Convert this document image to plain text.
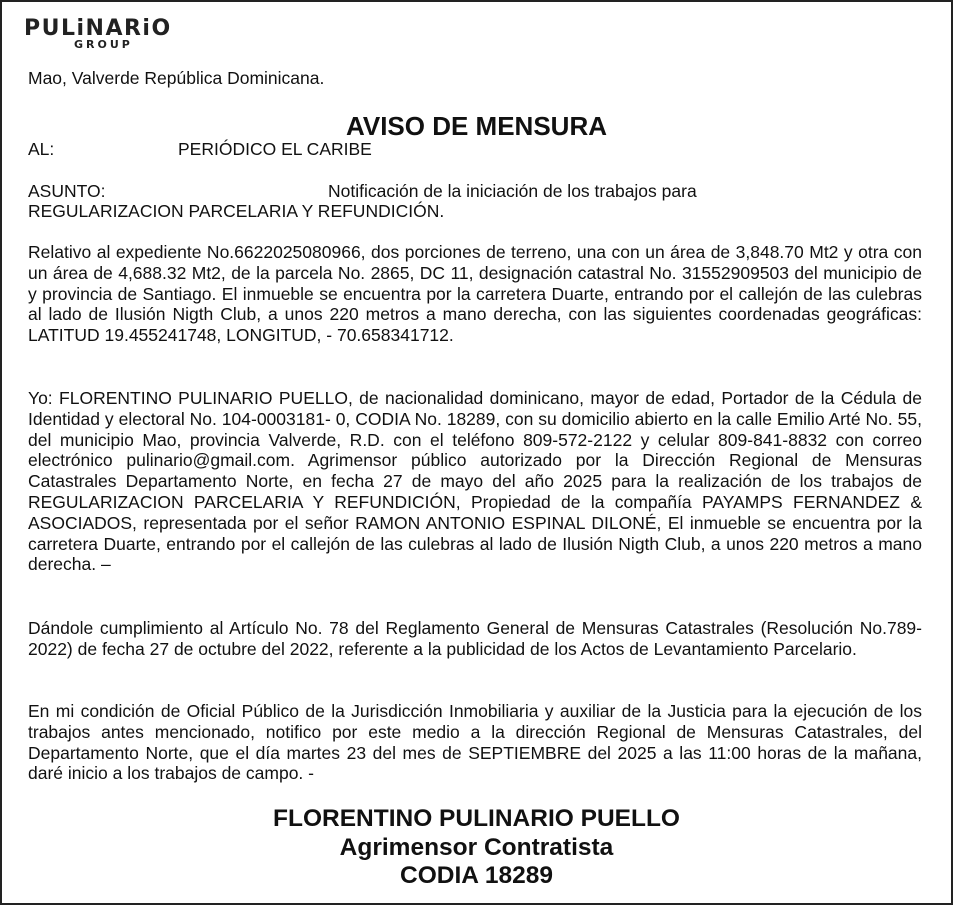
PULiNARiO
GROUP
Mao, Valverde República Dominicana.
AVISO DE MENSURA
AL:	PERIÓDICO EL CARIBE
ASUNTO:	Notificación de la iniciación de los trabajos para
REGULARIZACION PARCELARIA Y REFUNDICIÓN.
Relativo al expediente No.6622025080966, dos porciones de terreno, una con un área de 3,848.70 Mt2 y otra con un área de 4,688.32 Mt2, de la parcela No. 2865, DC 11, designación catastral No. 31552909503 del municipio de y provincia de Santiago. El inmueble se encuentra por la carretera Duarte, entrando por el callejón de las culebras al lado de Ilusión Nigth Club, a unos 220 metros a mano derecha, con las siguientes coordenadas geográficas: LATITUD 19.455241748, LONGITUD, - 70.658341712.
Yo: FLORENTINO PULINARIO PUELLO, de nacionalidad dominicano, mayor de edad, Portador de la Cédula de Identidad y electoral No. 104-0003181- 0, CODIA No. 18289, con su domicilio abierto en la calle Emilio Arté No. 55, del municipio Mao, provincia Valverde, R.D. con el teléfono 809-572-2122 y celular 809-841-8832 con correo electrónico pulinario@gmail.com. Agrimensor público autorizado por la Dirección Regional de Mensuras Catastrales Departamento Norte, en fecha 27 de mayo del año 2025 para la realización de los trabajos de REGULARIZACION PARCELARIA Y REFUNDICIÓN, Propiedad de la compañía PAYAMPS FERNANDEZ & ASOCIADOS, representada por el señor RAMON ANTONIO ESPINAL DILONÉ, El inmueble se encuentra por la carretera Duarte, entrando por el callejón de las culebras al lado de Ilusión Nigth Club, a unos 220 metros a mano derecha. –
Dándole cumplimiento al Artículo No. 78 del Reglamento General de Mensuras Catastrales (Resolución No.789-2022) de fecha 27 de octubre del 2022, referente a la publicidad de los Actos de Levantamiento Parcelario.
En mi condición de Oficial Público de la Jurisdicción Inmobiliaria y auxiliar de la Justicia para la ejecución de los trabajos antes mencionado, notifico por este medio a la dirección Regional de Mensuras Catastrales, del Departamento Norte, que el día martes 23 del mes de SEPTIEMBRE del 2025 a las 11:00 horas de la mañana, daré inicio a los trabajos de campo. -
FLORENTINO PULINARIO PUELLO
Agrimensor Contratista
CODIA 18289
